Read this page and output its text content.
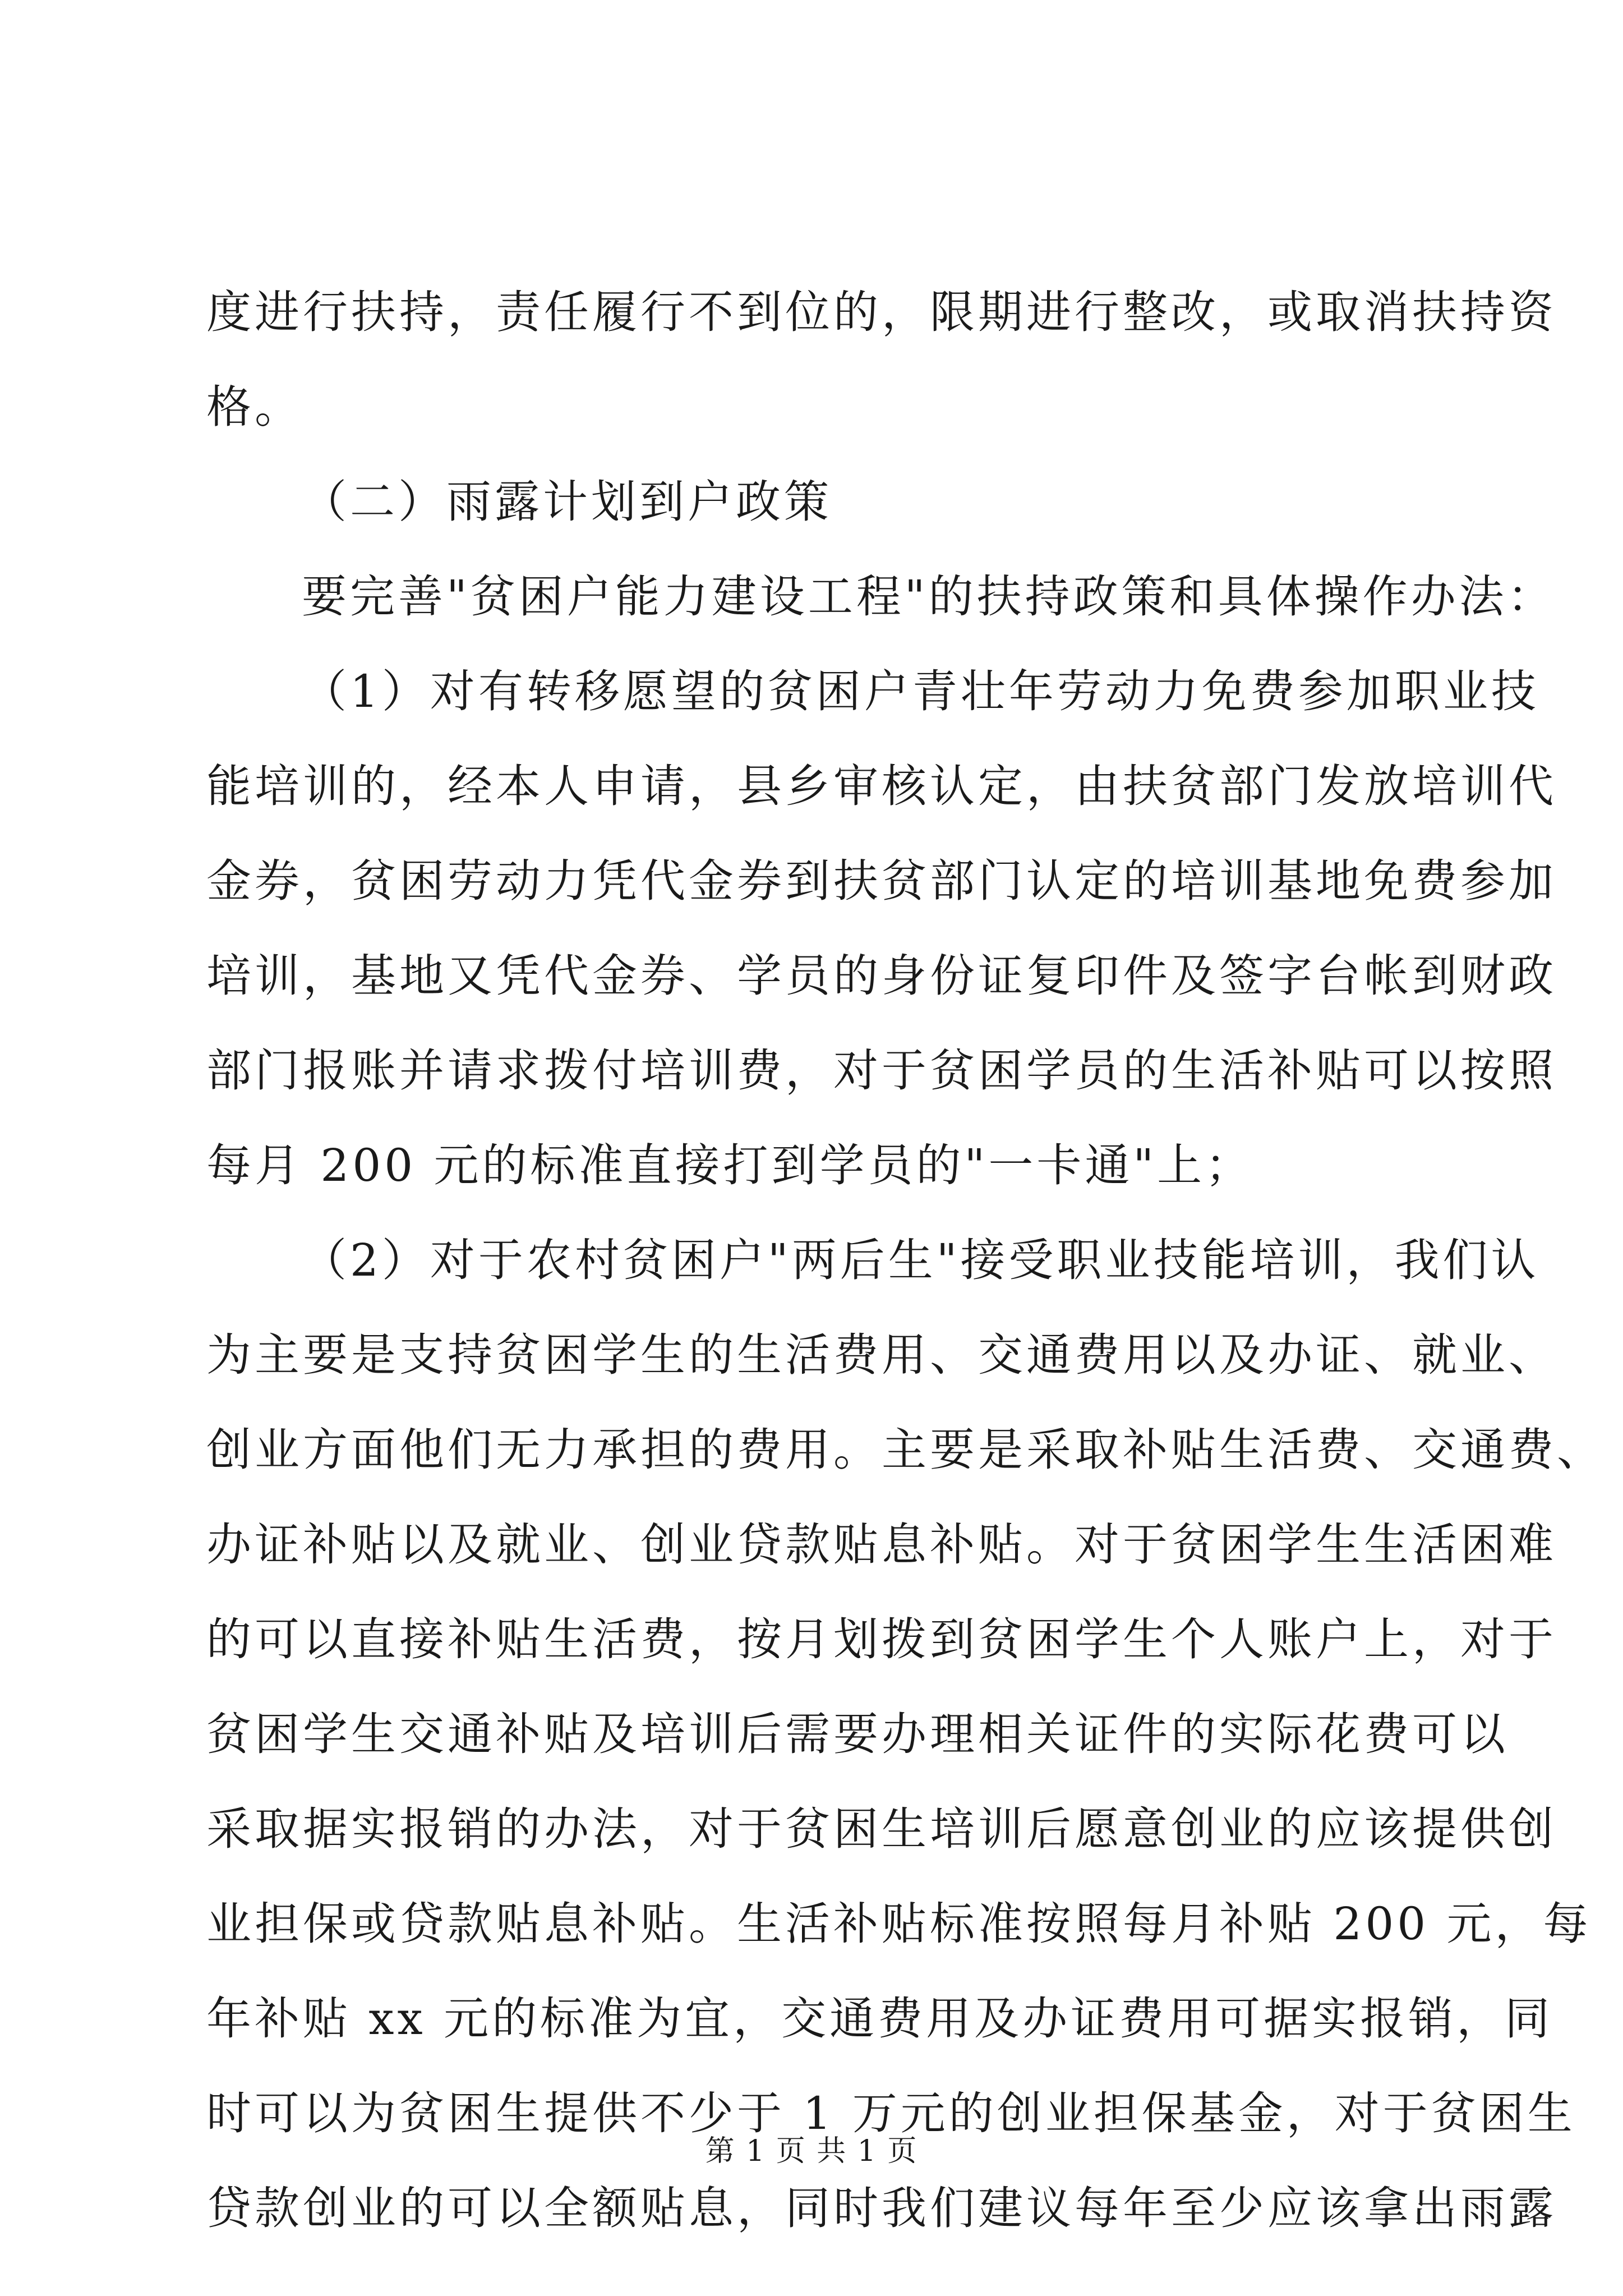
度进行扶持，责任履行不到位的，限期进行整改，或取消扶持资
格。
（二）雨露计划到户政策
要完善"贫困户能力建设工程"的扶持政策和具体操作办法：
（1）对有转移愿望的贫困户青壮年劳动力免费参加职业技
能培训的，经本人申请，县乡审核认定，由扶贫部门发放培训代
金券，贫困劳动力凭代金券到扶贫部门认定的培训基地免费参加
培训，基地又凭代金券、学员的身份证复印件及签字台帐到财政
部门报账并请求拨付培训费，对于贫困学员的生活补贴可以按照
每月 200 元的标准直接打到学员的"一卡通"上；
（2）对于农村贫困户"两后生"接受职业技能培训，我们认
为主要是支持贫困学生的生活费用、交通费用以及办证、就业、
创业方面他们无力承担的费用。主要是采取补贴生活费、交通费、
办证补贴以及就业、创业贷款贴息补贴。对于贫困学生生活困难
的可以直接补贴生活费，按月划拨到贫困学生个人账户上，对于
贫困学生交通补贴及培训后需要办理相关证件的实际花费可以
采取据实报销的办法，对于贫困生培训后愿意创业的应该提供创
业担保或贷款贴息补贴。生活补贴标准按照每月补贴 200 元，每
年补贴 xx 元的标准为宜，交通费用及办证费用可据实报销，同
时可以为贫困生提供不少于 1 万元的创业担保基金，对于贫困生
贷款创业的可以全额贴息，同时我们建议每年至少应该拿出雨露
第 1 页 共 1 页
